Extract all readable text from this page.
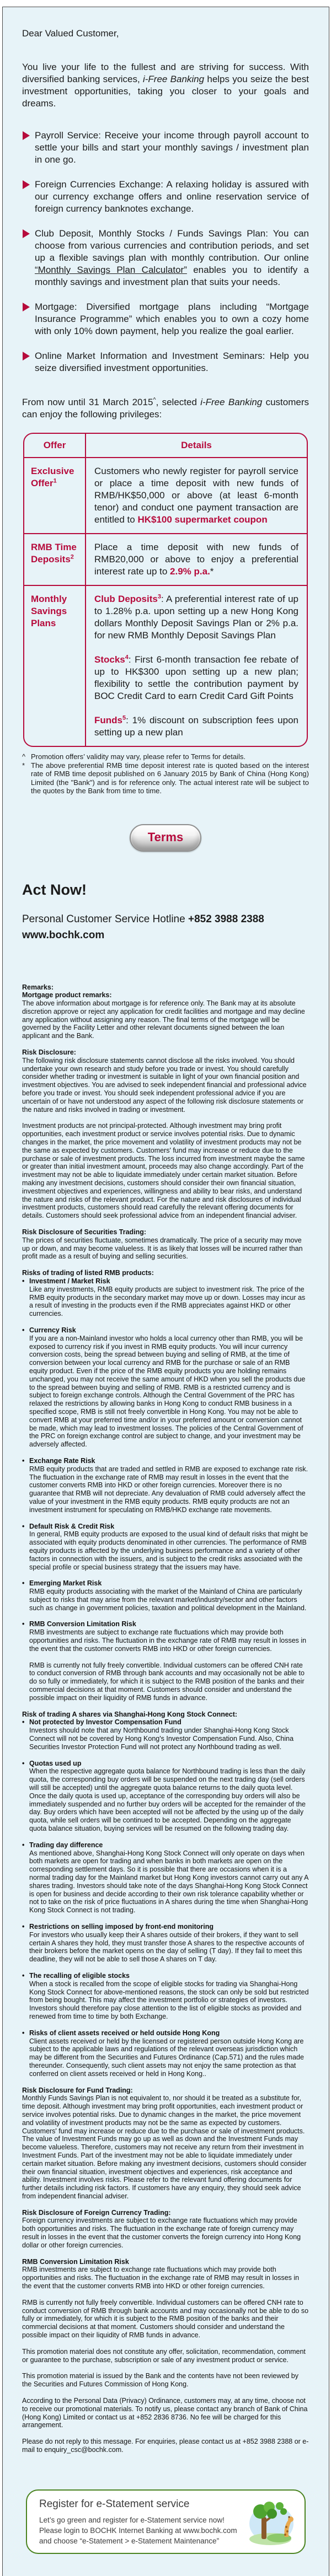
Dear Valued Customer,

You live your life to the fullest and are striving for success. With diversified banking services, i-Free Banking helps you seize the best investment opportunities, taking you closer to your goals and dreams.

Payroll Service: Receive your income through payroll account to settle your bills and start your monthly savings / investment plan in one go.

Foreign Currencies Exchange: A relaxing holiday is assured with our currency exchange offers and online reservation service of foreign currency banknotes exchange.

Club Deposit, Monthly Stocks / Funds Savings Plan: You can choose from various currencies and contribution periods, and set up a flexible savings plan with monthly contribution. Our online “Monthly Savings Plan Calculator” enables you to identify a monthly savings and investment plan that suits your needs.

Mortgage: Diversified mortgage plans including “Mortgage Insurance Programme” which enables you to own a cozy home with only 10% down payment, help you realize the goal earlier.

Online Market Information and Investment Seminars: Help you seize diversified investment opportunities.

From now until 31 March 2015^, selected i-Free Banking customers can enjoy the following privileges:

Offer	Details
Exclusive Offer$^1$
Customers who newly register for payroll service or place a time deposit with new funds of RMB/HK$50,000 or above (at least 6-month tenor) and conduct one payment transaction are entitled to HK$100 supermarket coupon
RMB Time Deposits$^2$
Place a time deposit with new funds of RMB20,000 or above to enjoy a preferential interest rate up to 2.9% p.a.*
Monthly Savings Plans

Club Deposits$^3$: A preferential interest rate of up to 1.28% p.a. upon setting up a new Hong Kong dollars Monthly Deposit Savings Plan or 2% p.a. for new RMB Monthly Deposit Savings Plan

Stocks$^4$: First 6-month transaction fee rebate of up to HK$300 upon setting up a new plan; flexibility to settle the contribution payment by BOC Credit Card to earn Credit Card Gift Points

Funds$^5$: 1% discount on subscription fees upon setting up a new plan

^ Promotion offers’ validity may vary, please refer to Terms for details.
* The above preferential RMB time deposit interest rate is quoted based on the interest rate of RMB time deposit published on 6 January 2015 by Bank of China (Hong Kong) Limited (the "Bank") and is for reference only. The actual interest rate will be subject to the quotes by the Bank from time to time.
Terms

Act Now!

Personal Customer Service Hotline +852 3988 2388

www.bochk.com

Remarks:

Mortgage product remarks:

The above information about mortgage is for reference only. The Bank may at its absolute discretion approve or reject any application for credit facilities and mortgage and may decline any application without assigning any reason. The final terms of the mortgage will be governed by the Facility Letter and other relevant documents signed between the loan applicant and the Bank.

Risk Disclosure:

The following risk disclosure statements cannot disclose all the risks involved. You should undertake your own research and study before you trade or invest. You should carefully consider whether trading or investment is suitable in light of your own financial position and investment objectives. You are advised to seek independent financial and professional advice before you trade or invest. You should seek independent professional advice if you are uncertain of or have not understood any aspect of the following risk disclosure statements or the nature and risks involved in trading or investment.

Investment products are not principal-protected. Although investment may bring profit opportunities, each investment product or service involves potential risks. Due to dynamic changes in the market, the price movement and volatility of investment products may not be the same as expected by customers. Customers' fund may increase or reduce due to the purchase or sale of investment products. The loss incurred from investment maybe the same or greater than initial investment amount, proceeds may also change accordingly. Part of the investment may not be able to liquidate immediately under certain market situation. Before making any investment decisions, customers should consider their own financial situation, investment objectives and experiences, willingness and ability to bear risks, and understand the nature and risks of the relevant product. For the nature and risk disclosures of individual investment products, customers should read carefully the relevant offering documents for details. Customers should seek professional advice from an independent financial adviser.

Risk Disclosure of Securities Trading:

The prices of securities fluctuate, sometimes dramatically. The price of a security may move up or down, and may become valueless. It is as likely that losses will be incurred rather than profit made as a result of buying and selling securities.

Risks of trading of listed RMB products:

• Investment / Market Risk

Like any investments, RMB equity products are subject to investment risk. The price of the RMB equity products in the secondary market may move up or down. Losses may incur as a result of investing in the products even if the RMB appreciates against HKD or other currencies.

• Currency Risk

If you are a non-Mainland investor who holds a local currency other than RMB, you will be exposed to currency risk if you invest in RMB equity products. You will incur currency conversion costs, being the spread between buying and selling of RMB, at the time of conversion between your local currency and RMB for the purchase or sale of an RMB equity product. Even if the price of the RMB equity products you are holding remains unchanged, you may not receive the same amount of HKD when you sell the products due to the spread between buying and selling of RMB. RMB is a restricted currency and is subject to foreign exchange controls. Although the Central Government of the PRC has relaxed the restrictions by allowing banks in Hong Kong to conduct RMB business in a specified scope, RMB is still not freely convertible in Hong Kong. You may not be able to convert RMB at your preferred time and/or in your preferred amount or conversion cannot be made, which may lead to investment losses. The policies of the Central Government of the PRC on foreign exchange control are subject to change, and your investment may be adversely affected.

• Exchange Rate Risk

RMB equity products that are traded and settled in RMB are exposed to exchange rate risk. The fluctuation in the exchange rate of RMB may result in losses in the event that the customer converts RMB into HKD or other foreign currencies. Moreover there is no guarantee that RMB will not depreciate. Any devaluation of RMB could adversely affect the value of your investment in the RMB equity products. RMB equity products are not an investment instrument for speculating on RMB/HKD exchange rate movements.

• Default Risk & Credit Risk

In general, RMB equity products are exposed to the usual kind of default risks that might be associated with equity products denominated in other currencies. The performance of RMB equity products is affected by the underlying business performance and a variety of other factors in connection with the issuers, and is subject to the credit risks associated with the special profile or special business strategy that the issuers may have.

• Emerging Market Risk

RMB equity products associating with the market of the Mainland of China are particularly subject to risks that may arise from the relevant market/industry/sector and other factors such as change in government policies, taxation and political development in the Mainland.

• RMB Conversion Limitation Risk

RMB investments are subject to exchange rate fluctuations which may provide both opportunities and risks. The fluctuation in the exchange rate of RMB may result in losses in the event that the customer converts RMB into HKD or other foreign currencies.

RMB is currently not fully freely convertible. Individual customers can be offered CNH rate to conduct conversion of RMB through bank accounts and may occasionally not be able to do so fully or immediately, for which it is subject to the RMB position of the banks and their commercial decisions at that moment. Customers should consider and understand the possible impact on their liquidity of RMB funds in advance.

Risk of trading A shares via Shanghai-Hong Kong Stock Connect:

• Not protected by Investor Compensation Fund

Investors should note that any Northbound trading under Shanghai-Hong Kong Stock Connect will not be covered by Hong Kong's Investor Compensation Fund. Also, China Securities Investor Protection Fund will not protect any Northbound trading as well.

• Quotas used up

When the respective aggregate quota balance for Northbound trading is less than the daily quota, the corresponding buy orders will be suspended on the next trading day (sell orders will still be accepted) until the aggregate quota balance returns to the daily quota level. Once the daily quota is used up, acceptance of the corresponding buy orders will also be immediately suspended and no further buy orders will be accepted for the remainder of the day. Buy orders which have been accepted will not be affected by the using up of the daily quota, while sell orders will be continued to be accepted. Depending on the aggregate quota balance situation, buying services will be resumed on the following trading day.

• Trading day difference

As mentioned above, Shanghai-Hong Kong Stock Connect will only operate on days when both markets are open for trading and when banks in both markets are open on the corresponding settlement days. So it is possible that there are occasions when it is a normal trading day for the Mainland market but Hong Kong investors cannot carry out any A shares trading. Investors should take note of the days Shanghai-Hong Kong Stock Connect is open for business and decide according to their own risk tolerance capability whether or not to take on the risk of price fluctuations in A shares during the time when Shanghai-Hong Kong Stock Connect is not trading.

• Restrictions on selling imposed by front-end monitoring

For investors who usually keep their A shares outside of their brokers, if they want to sell certain A shares they hold, they must transfer those A shares to the respective accounts of their brokers before the market opens on the day of selling (T day). If they fail to meet this deadline, they will not be able to sell those A shares on T day.

• The recalling of eligible stocks

When a stock is recalled from the scope of eligible stocks for trading via Shanghai-Hong Kong Stock Connect for above-mentioned reasons, the stock can only be sold but restricted from being bought. This may affect the investment portfolio or strategies of investors. Investors should therefore pay close attention to the list of eligible stocks as provided and renewed from time to time by both Exchange.

• Risks of client assets received or held outside Hong Kong

Client assets received or held by the licensed or registered person outside Hong Kong are subject to the applicable laws and regulations of the relevant overseas jurisdiction which may be different from the Securities and Futures Ordinance (Cap.571) and the rules made thereunder. Consequently, such client assets may not enjoy the same protection as that conferred on client assets received or held in Hong Kong..

Risk Disclosure for Fund Trading:

Monthly Funds Savings Plan is not equivalent to, nor should it be treated as a substitute for, time deposit. Although investment may bring profit opportunities, each investment product or service involves potential risks. Due to dynamic changes in the market, the price movement and volatility of investment products may not be the same as expected by customers. Customers' fund may increase or reduce due to the purchase or sale of investment products. The value of Investment Funds may go up as well as down and the Investment Funds may become valueless. Therefore, customers may not receive any return from their investment in Investment Funds. Part of the investment may not be able to liquidate immediately under certain market situation. Before making any investment decisions, customers should consider their own financial situation, investment objectives and experiences, risk acceptance and ability. Investment involves risks. Please refer to the relevant fund offering documents for further details including risk factors. If customers have any enquiry, they should seek advice from independent financial adviser.

Risk Disclosure of Foreign Currency Trading:

Foreign currency investments are subject to exchange rate fluctuations which may provide both opportunities and risks. The fluctuation in the exchange rate of foreign currency may result in losses in the event that the customer converts the foreign currency into Hong Kong dollar or other foreign currencies.

RMB Conversion Limitation Risk

RMB investments are subject to exchange rate fluctuations which may provide both opportunities and risks. The fluctuation in the exchange rate of RMB may result in losses in the event that the customer converts RMB into HKD or other foreign currencies.

RMB is currently not fully freely convertible. Individual customers can be offered CNH rate to conduct conversion of RMB through bank accounts and may occasionally not be able to do so fully or immediately, for which it is subject to the RMB position of the banks and their commercial decisions at that moment. Customers should consider and understand the possible impact on their liquidity of RMB funds in advance.

This promotion material does not constitute any offer, solicitation, recommendation, comment or guarantee to the purchase, subscription or sale of any investment product or service.

This promotion material is issued by the Bank and the contents have not been reviewed by the Securities and Futures Commission of Hong Kong.

According to the Personal Data (Privacy) Ordinance, customers may, at any time, choose not to receive our promotional materials. To notify us, please contact any branch of Bank of China (Hong Kong) Limited or contact us at +852 2836 8736. No fee will be charged for this arrangement.

Please do not reply to this message. For enquiries, please contact us at +852 3988 2388 or e-mail to enquiry_csc@bochk.com.

Register for e-Statement service
Let’s go green and register for e-Statement service now! Please login to BOCHK Internet Banking at www.bochk.com and choose “e-Statement > e-Statement Maintenance”
